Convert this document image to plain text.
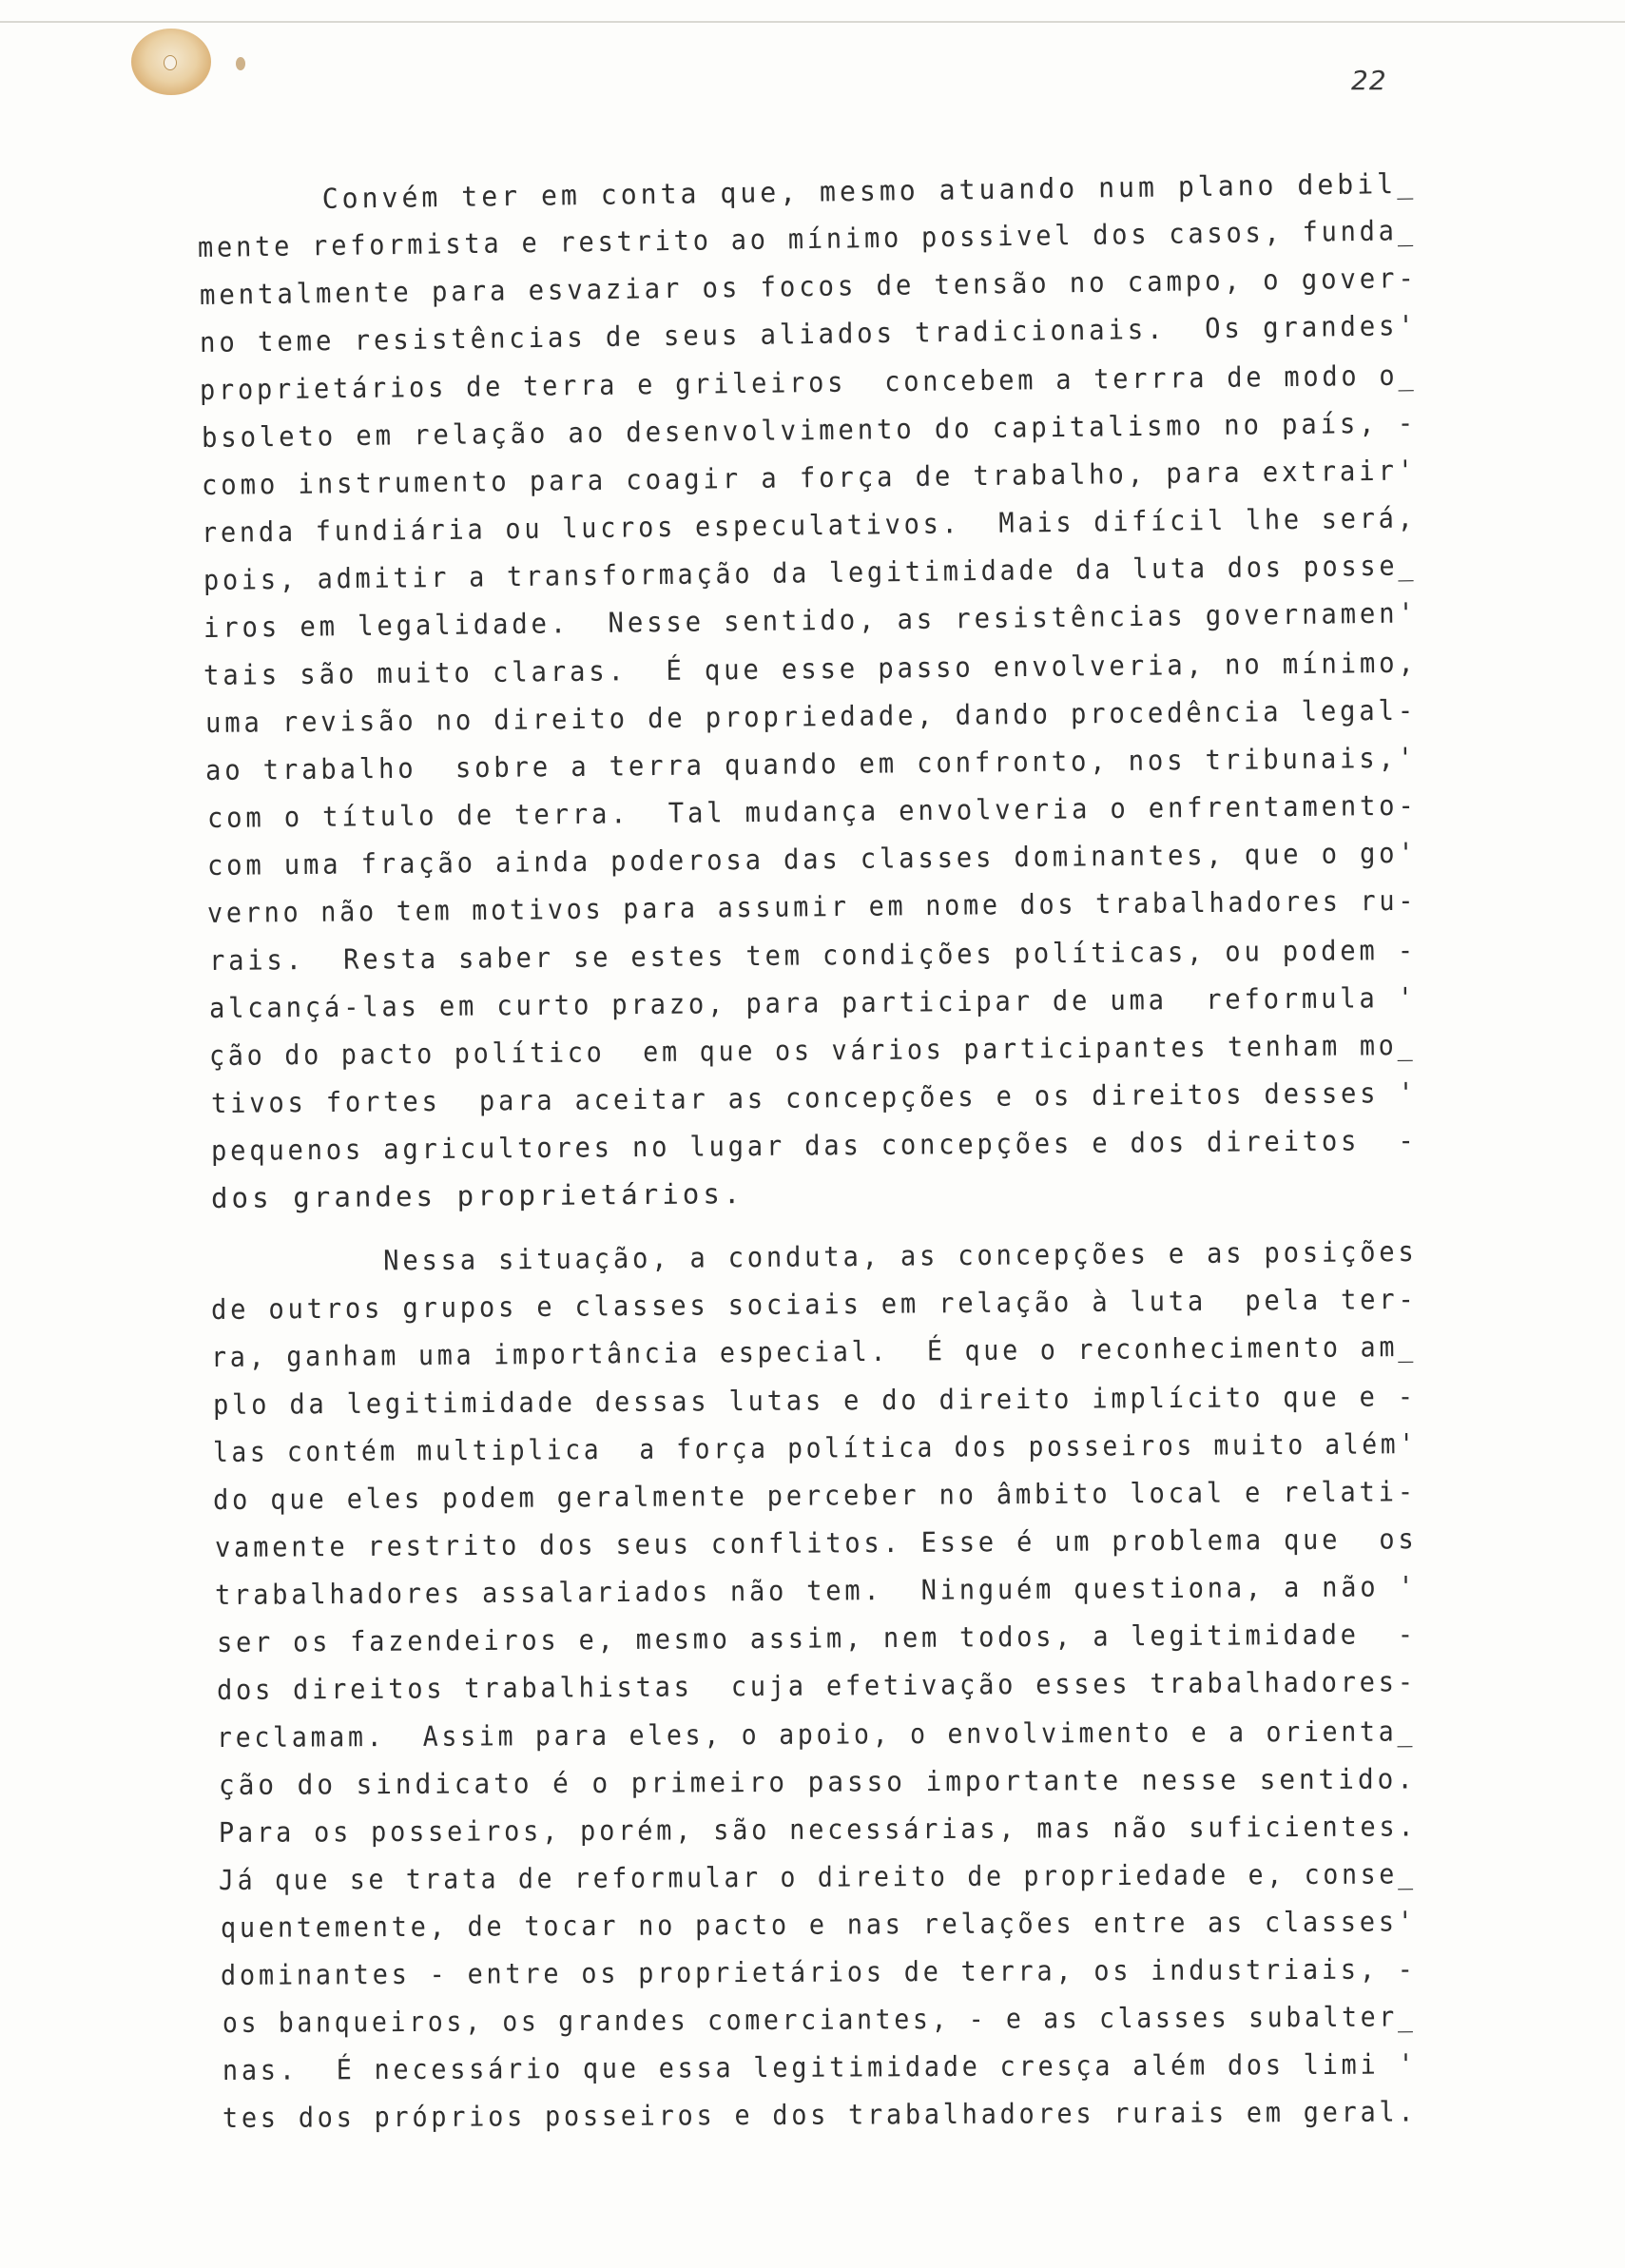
22
Convém ter em conta que, mesmo atuando num plano debil_
mente reformista e restrito ao mínimo possivel dos casos, funda_
mentalmente para esvaziar os focos de tensão no campo, o gover-
no teme resistências de seus aliados tradicionais.  Os grandes'
proprietários de terra e grileiros  concebem a terrra de modo o_
bsoleto em relação ao desenvolvimento do capitalismo no país, -
como instrumento para coagir a força de trabalho, para extrair'
renda fundiária ou lucros especulativos.  Mais difícil lhe será,
pois, admitir a transformação da legitimidade da luta dos posse_
iros em legalidade.  Nesse sentido, as resistências governamen'
tais são muito claras.  É que esse passo envolveria, no mínimo,
uma revisão no direito de propriedade, dando procedência legal-
ao trabalho  sobre a terra quando em confronto, nos tribunais,'
com o título de terra.  Tal mudança envolveria o enfrentamento-
com uma fração ainda poderosa das classes dominantes, que o go'
verno não tem motivos para assumir em nome dos trabalhadores ru-
rais.  Resta saber se estes tem condições políticas, ou podem -
alcançá-las em curto prazo, para participar de uma  reformula '
ção do pacto político  em que os vários participantes tenham mo_
tivos fortes  para aceitar as concepções e os direitos desses '
pequenos agricultores no lugar das concepções e dos direitos  -
dos grandes proprietários.
Nessa situação, a conduta, as concepções e as posições
de outros grupos e classes sociais em relação à luta  pela ter-
ra, ganham uma importância especial.  É que o reconhecimento am_
plo da legitimidade dessas lutas e do direito implícito que e -
las contém multiplica  a força política dos posseiros muito além'
do que eles podem geralmente perceber no âmbito local e relati-
vamente restrito dos seus conflitos. Esse é um problema que  os
trabalhadores assalariados não tem.  Ninguém questiona, a não '
ser os fazendeiros e, mesmo assim, nem todos, a legitimidade  -
dos direitos trabalhistas  cuja efetivação esses trabalhadores-
reclamam.  Assim para eles, o apoio, o envolvimento e a orienta_
ção do sindicato é o primeiro passo importante nesse sentido.
Para os posseiros, porém, são necessárias, mas não suficientes.
Já que se trata de reformular o direito de propriedade e, conse_
quentemente, de tocar no pacto e nas relações entre as classes'
dominantes - entre os proprietários de terra, os industriais, -
os banqueiros, os grandes comerciantes, - e as classes subalter_
nas.  É necessário que essa legitimidade cresça além dos limi '
tes dos próprios posseiros e dos trabalhadores rurais em geral.
